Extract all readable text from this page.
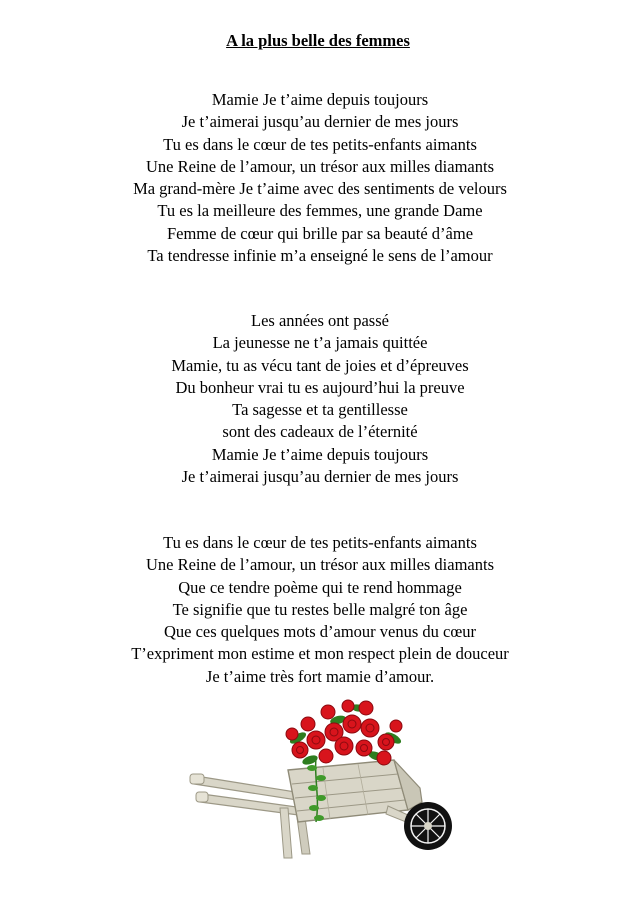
A la plus belle des femmes
Mamie Je t’aime depuis toujours
Je t’aimerai jusqu’au dernier de mes jours
Tu es dans le cœur de tes petits-enfants aimants
Une Reine de l’amour, un trésor aux milles diamants
Ma grand-mère Je t’aime avec des sentiments de velours
Tu es la meilleure des femmes, une grande Dame
Femme de cœur qui brille par sa beauté d’âme
Ta tendresse infinie m’a enseigné le sens de l’amour
Les années ont passé
La jeunesse ne t’a jamais quittée
Mamie, tu as vécu tant de joies et d’épreuves
Du bonheur vrai tu es aujourd’hui la preuve
Ta sagesse et ta gentillesse
sont des cadeaux de l’éternité
Mamie Je t’aime depuis toujours
Je t’aimerai jusqu’au dernier de mes jours
Tu es dans le cœur de tes petits-enfants aimants
Une Reine de l’amour, un trésor aux milles diamants
Que ce tendre poème qui te rend hommage
Te signifie que tu restes belle malgré ton âge
Que ces quelques mots d’amour venus du cœur
T’expriment mon estime et mon respect plein de douceur
Je t’aime très fort mamie d’amour.
